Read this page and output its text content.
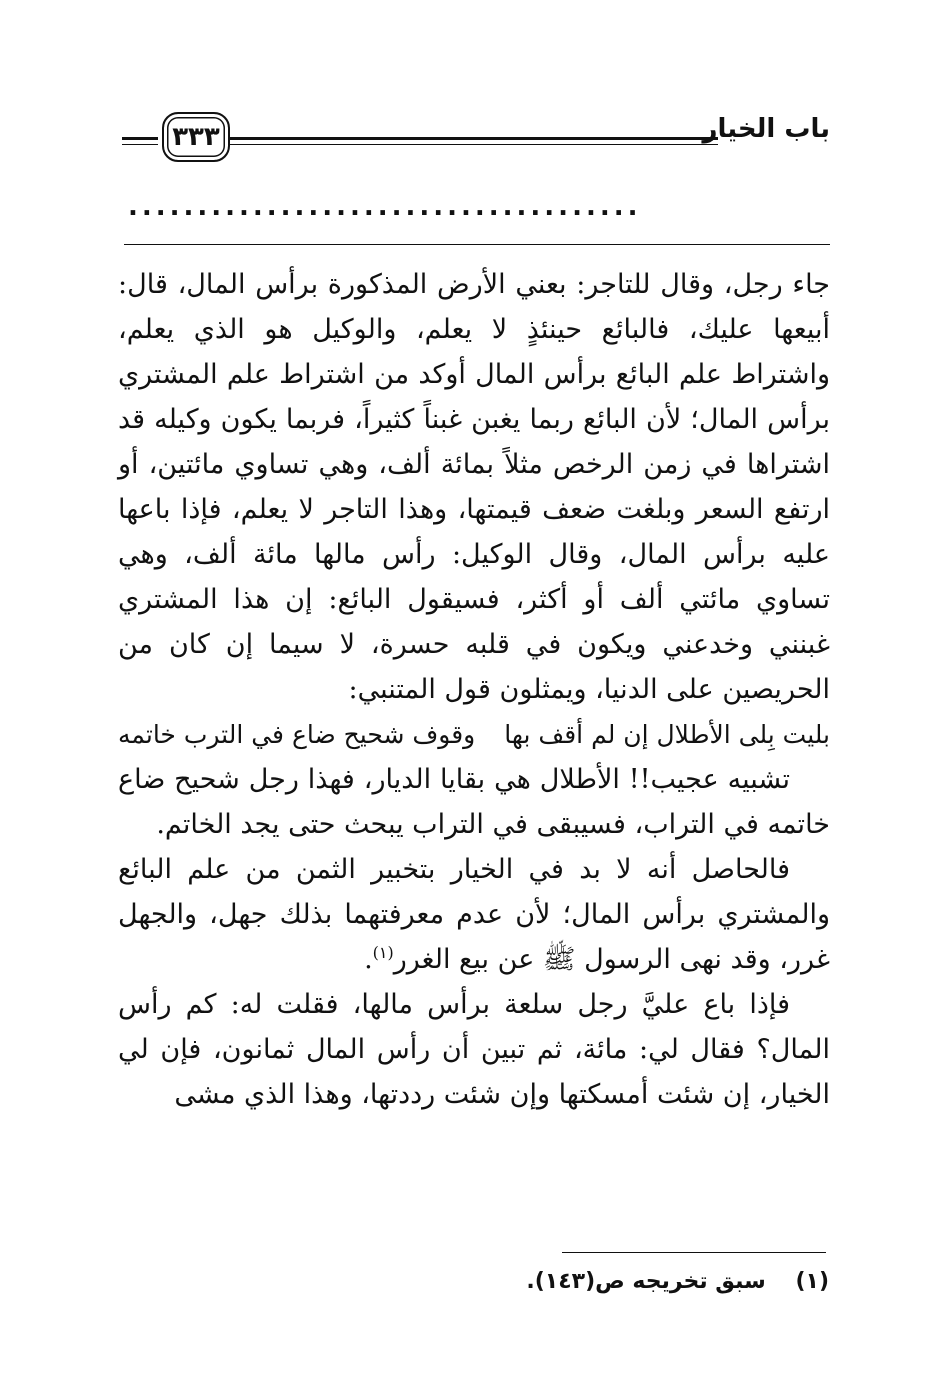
باب الخيار
٣٣٣
.....................................

جاء رجل، وقال للتاجر: بعني الأرض المذكورة برأس المال، قال: أبيعها عليك، فالبائع حينئذٍ لا يعلم، والوكيل هو الذي يعلم، واشتراط علم البائع برأس المال أوكد من اشتراط علم المشتري برأس المال؛ لأن البائع ربما يغبن غبناً كثيراً، فربما يكون وكيله قد اشتراها في زمن الرخص مثلاً بمائة ألف، وهي تساوي مائتين، أو ارتفع السعر وبلغت ضعف قيمتها، وهذا التاجر لا يعلم، فإذا باعها عليه برأس المال، وقال الوكيل: رأس مالها مائة ألف، وهي تساوي مائتي ألف أو أكثر، فسيقول البائع: إن هذا المشتري غبنني وخدعني ويكون في قلبه حسرة، لا سيما إن كان من الحريصين على الدنيا، ويمثلون قول المتنبي:

بليت بِلى الأطلال إن لم أقف بها
وقوف شحيح ضاع في الترب خاتمه

تشبيه عجيب!! الأطلال هي بقايا الديار، فهذا رجل شحيح ضاع خاتمه في التراب، فسيبقى في التراب يبحث حتى يجد الخاتم.

فالحاصل أنه لا بد في الخيار بتخبير الثمن من علم البائع والمشتري برأس المال؛ لأن عدم معرفتهما بذلك جهل، والجهل غرر، وقد نهى الرسول ﷺ عن بيع الغرر$^{(١)}$.

فإذا باع عليَّ رجل سلعة برأس مالها، فقلت له: كم رأس المال؟ فقال لي: مائة، ثم تبين أن رأس المال ثمانون، فإن لي الخيار، إن شئت أمسكتها وإن شئت رددتها، وهذا الذي مشى

(١) سبق تخريجه ص(١٤٣).
